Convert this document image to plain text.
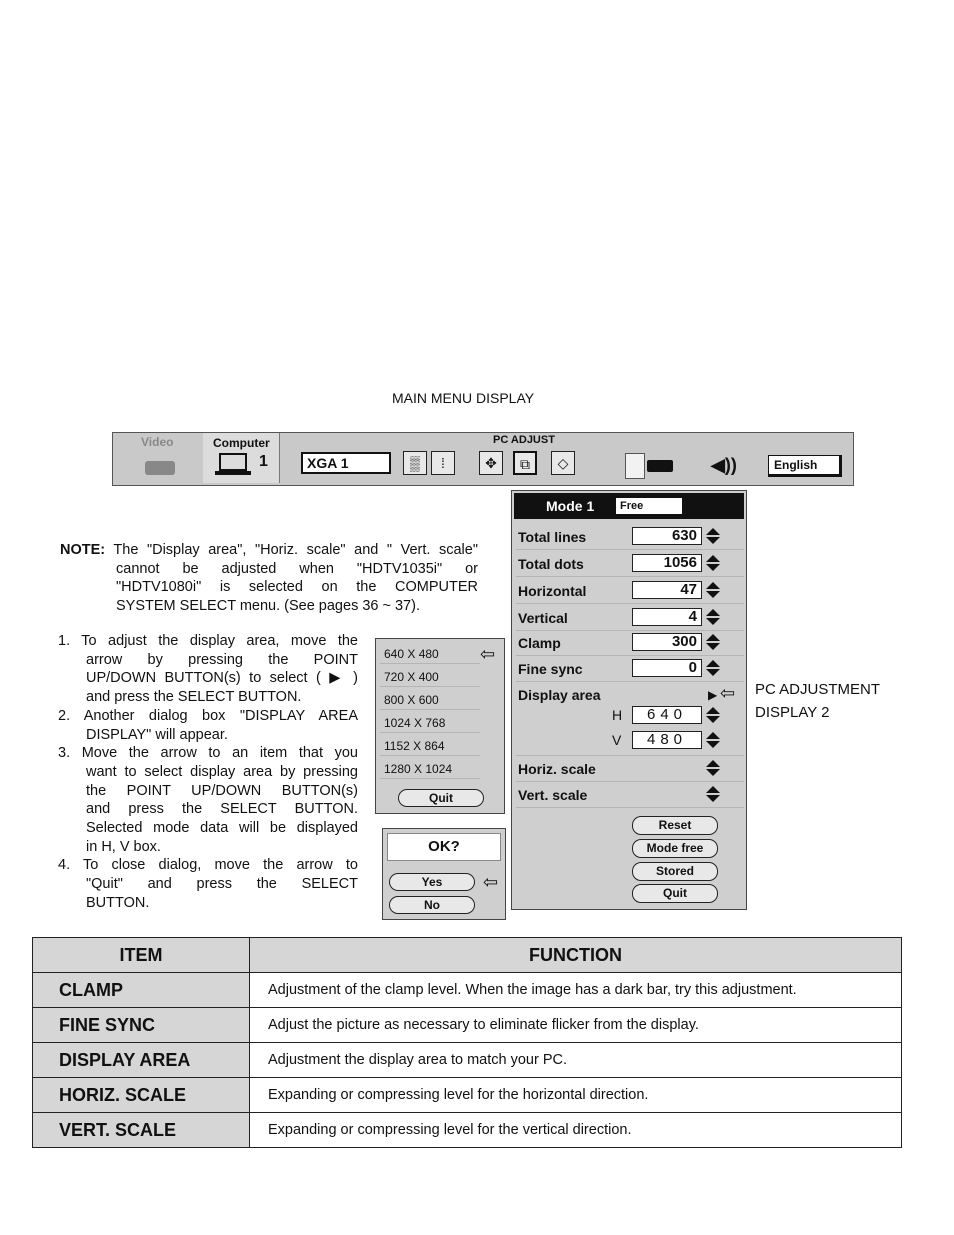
MAIN MENU DISPLAY
Video	Computer
1
PC ADJUST
XGA 1	▒	⁞	✥	⧉	◇	◀))	English
Mode 1	Free
Total lines	630
Total dots	1056
Horizontal	47
Vertical	4
Clamp	300
Fine sync	0
Display area	▶ ⇦
H	640
V	480
Horiz. scale
Vert. scale
Reset
Mode free
Stored
Quit
PC ADJUSTMENT
DISPLAY 2
NOTE: The "Display area", "Horiz. scale" and " Vert. scale"
cannot be adjusted when "HDTV1035i" or
"HDTV1080i" is selected on the COMPUTER
SYSTEM SELECT menu. (See pages 36 ~ 37).
1. To adjust the display area, move the
arrow by pressing the POINT
UP/DOWN BUTTON(s) to select ( ▶ )
and press the SELECT BUTTON.
2. Another dialog box "DISPLAY AREA
DISPLAY" will appear.
3. Move the arrow to an item that you
want to select display area by pressing
the POINT UP/DOWN BUTTON(s)
and press the SELECT BUTTON.
Selected mode data will be displayed
in H, V box.
4. To close dialog, move the arrow to
"Quit" and press the SELECT
BUTTON.
640 X 480	⇦
720 X 400
800 X 600
1024 X 768
1152 X 864
1280 X 1024
Quit
OK?
Yes	⇦
No
ITEM	FUNCTION
CLAMP	Adjustment of the clamp level. When the image has a dark bar, try this adjustment.
FINE SYNC	Adjust the picture as necessary to eliminate flicker from the display.
DISPLAY AREA	Adjustment the display area to match your PC.
HORIZ. SCALE	Expanding or compressing level for the horizontal direction.
VERT. SCALE	Expanding or compressing level for the vertical direction.
